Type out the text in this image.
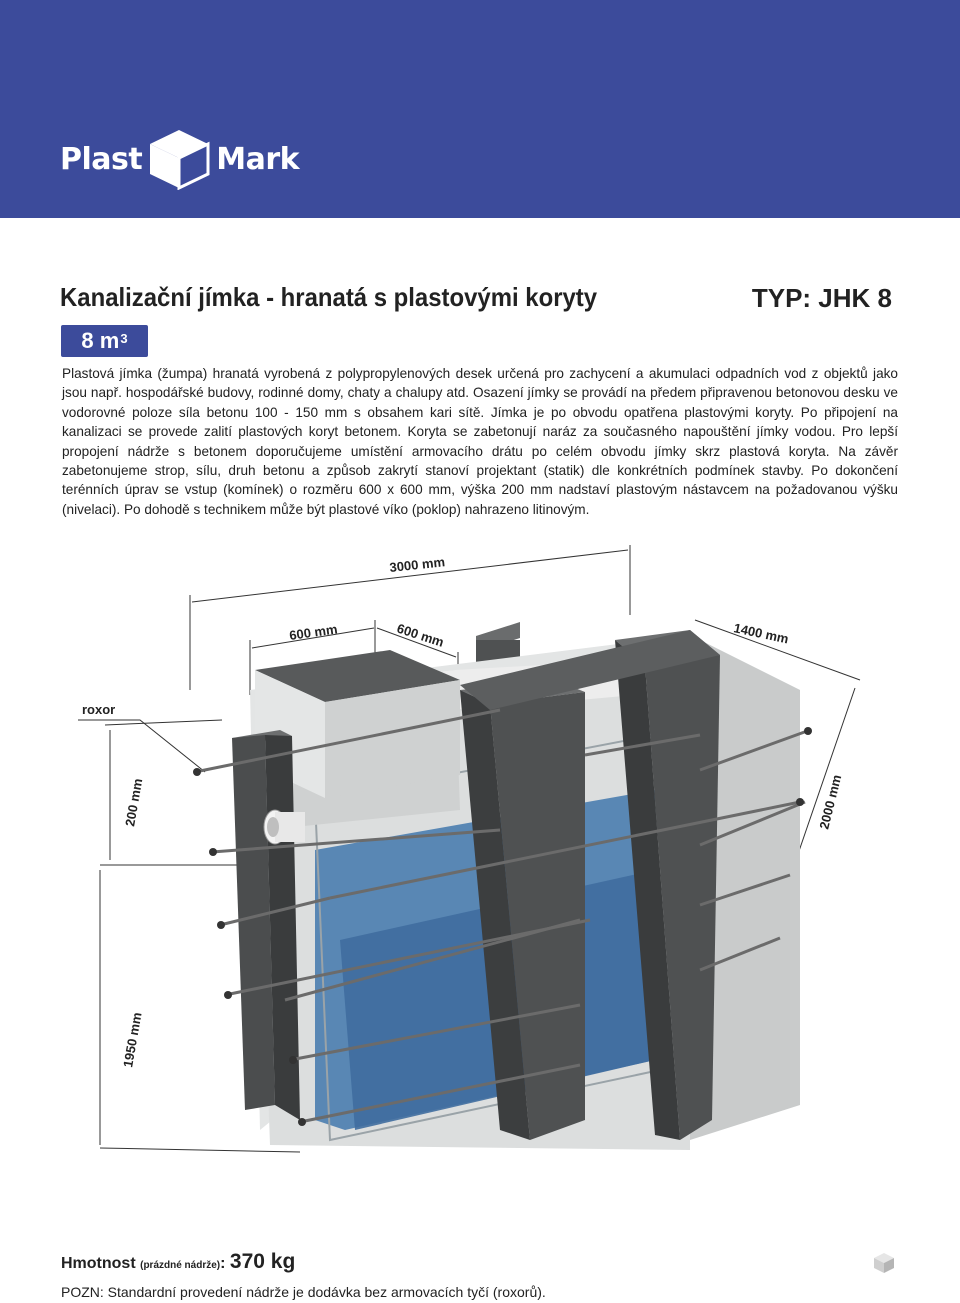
Plast Mark
Kanalizační jímka - hranatá s plastovými koryty	TYP: JHK 8
8 $m^3$
Plastová jímka (žumpa) hranatá vyrobená z polypropylenových desek určená pro zachycení a akumulaci odpadních vod z objektů jako jsou např. hospodářské budovy, rodinné domy, chaty a chalupy atd. Osazení jímky se provádí na předem připravenou betonovou desku ve vodorovné poloze síla betonu 100 - 150 mm s obsahem kari sítě. Jímka je po obvodu opatřena plastovými koryty. Po připojení na kanalizaci se provede zalití plastových koryt betonem. Koryta se zabetonují naráz za současného napouštění jímky vodou. Pro lepší propojení nádrže s betonem doporučujeme umístění armovacího drátu po celém obvodu jímky skrz plastová koryta. Na závěr zabetonujeme strop, sílu, druh betonu a způsob zakrytí stanoví projektant (statik) dle konkrétních podmínek stavby. Po dokončení terénních úprav se vstup (komínek) o rozměru 600 x 600 mm, výška 200 mm nadstaví plastovým nástavcem na požadovanou výšku (nivelaci). Po dohodě s technikem může být plastové víko (poklop) nahrazeno litinovým.
3000 mm
600 mm	600 mm	1400 mm
2000 mm
200 mm
1950 mm
roxor
Hmotnost (prázdné nádrže): 370 kg
POZN: Standardní provedení nádrže je dodávka bez armovacích tyčí (roxorů).
